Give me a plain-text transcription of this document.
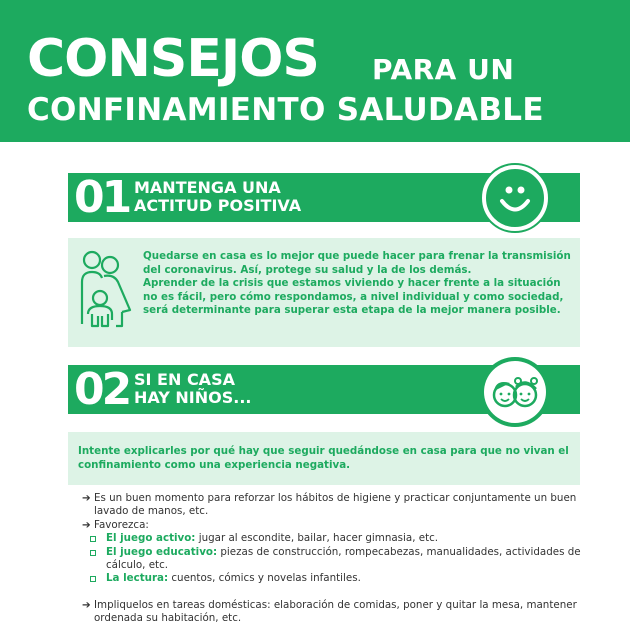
CONSEJOS PARA UN
CONFINAMIENTO SALUDABLE
01 MANTENGA UNA
ACTITUD POSITIVA

Quedarse en casa es lo mejor que puede hacer para frenar la transmisión del coronavirus. Así, protege su salud y la de los demás.

Aprender de la crisis que estamos viviendo y hacer frente a la situación no es fácil, pero cómo respondamos, a nivel individual y como sociedad, será determinante para superar esta etapa de la mejor manera posible.

02 SI EN CASA
HAY NIÑOS...

Intente explicarles por qué hay que seguir quedándose en casa para que no vivan el confinamiento como una experiencia negativa.

➔ Es un buen momento para reforzar los hábitos de higiene y practicar conjuntamente un buen lavado de manos, etc.
➔ Favorezca:
El juego activo: jugar al escondite, bailar, hacer gimnasia, etc.
El juego educativo: piezas de construcción, rompecabezas, manualidades, actividades de cálculo, etc.
La lectura: cuentos, cómics y novelas infantiles.
➔ Impliquelos en tareas domésticas: elaboración de comidas, poner y quitar la mesa, mantener ordenada su habitación, etc.
